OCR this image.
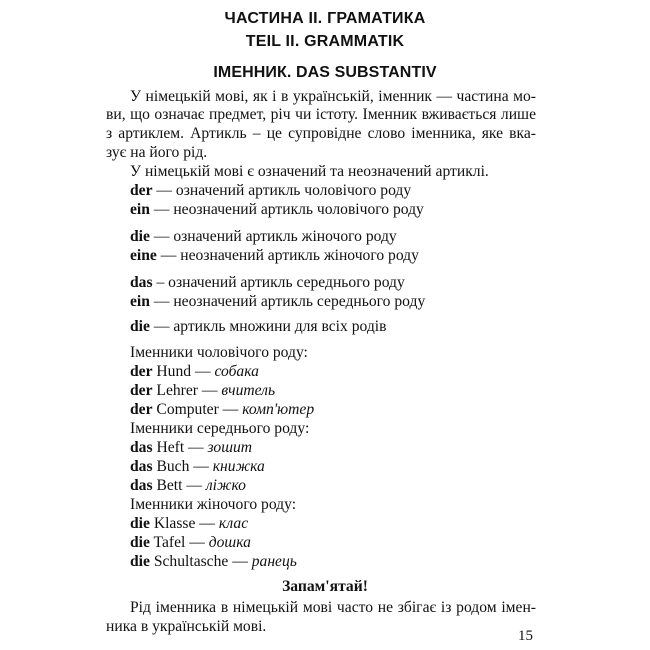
ЧАСТИНА II. ГРАМАТИКА
TEIL II. GRAMMATIK
ІМЕННИК. DAS SUBSTANTIV
У німецькій мові, як і в українській, іменник — частина мо-
ви, що означає предмет, річ чи істоту. Іменник вживається лише
з артиклем. Артикль – це супровідне слово іменника, яке вка-
зує на його рід.
У німецькій мові є означений та неозначений артиклі.
der — означений артикль чоловічого роду
ein — неозначений артикль чоловічого роду
die — означений артикль жіночого роду
eine — неозначений артикль жіночого роду
das – означений артикль середнього роду
ein — неозначений артикль середнього роду
die — артикль множини для всіх родів
Іменники чоловічого роду:
der Hund — собака
der Lehrer — вчитель
der Computer — комп'ютер
Іменники середнього роду:
das Heft — зошит
das Buch — книжка
das Bett — ліжко
Іменники жіночого роду:
die Klasse — клас
die Tafel — дошка
die Schultasche — ранець
Запам'ятай!
Рід іменника в німецькій мові часто не збігає із родом імен-
ника в українській мові.
15
